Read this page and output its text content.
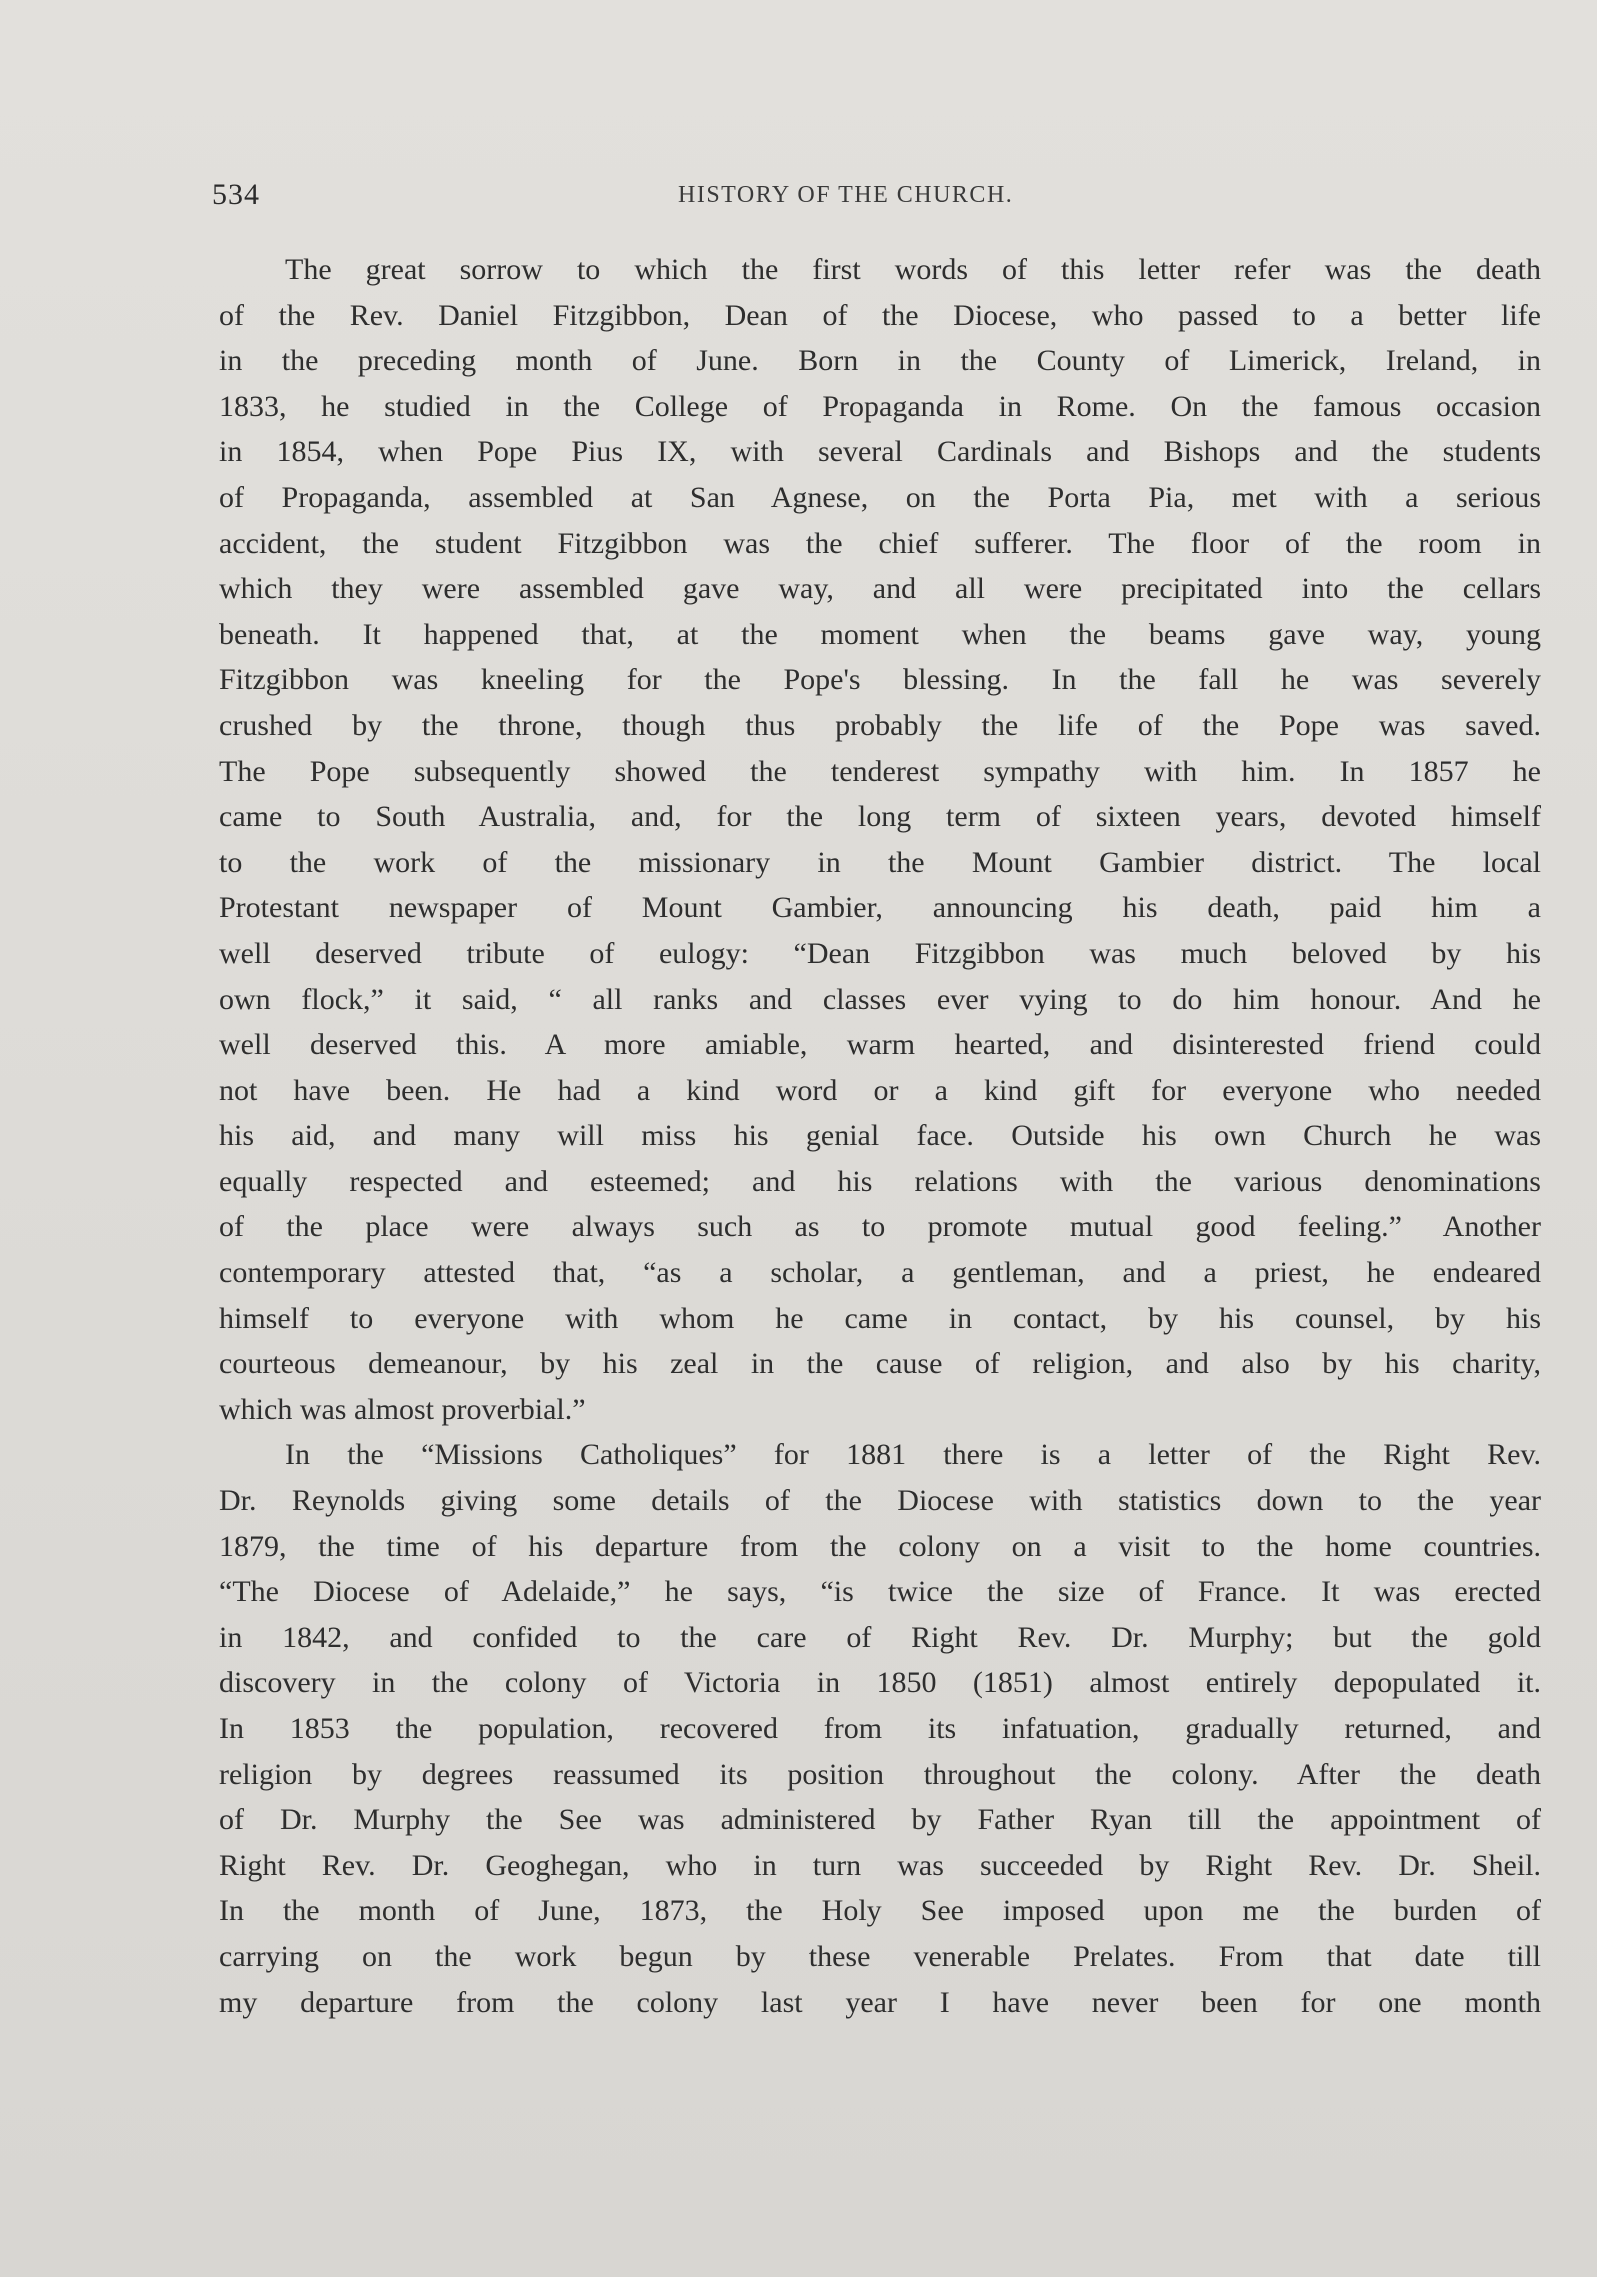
534	HISTORY OF THE CHURCH.
The great sorrow to which the first words of this letter refer was the death
of the Rev. Daniel Fitzgibbon, Dean of the Diocese, who passed to a better life
in the preceding month of June. Born in the County of Limerick, Ireland, in
1833, he studied in the College of Propaganda in Rome. On the famous occasion
in 1854, when Pope Pius IX, with several Cardinals and Bishops and the students
of Propaganda, assembled at San Agnese, on the Porta Pia, met with a serious
accident, the student Fitzgibbon was the chief sufferer. The floor of the room in
which they were assembled gave way, and all were precipitated into the cellars
beneath. It happened that, at the moment when the beams gave way, young
Fitzgibbon was kneeling for the Pope's blessing. In the fall he was severely
crushed by the throne, though thus probably the life of the Pope was saved.
The Pope subsequently showed the tenderest sympathy with him. In 1857 he
came to South Australia, and, for the long term of sixteen years, devoted himself
to the work of the missionary in the Mount Gambier district. The local
Protestant newspaper of Mount Gambier, announcing his death, paid him a
well deserved tribute of eulogy: “Dean Fitzgibbon was much beloved by his
own flock,” it said, “ all ranks and classes ever vying to do him honour. And he
well deserved this. A more amiable, warm hearted, and disinterested friend could
not have been. He had a kind word or a kind gift for everyone who needed
his aid, and many will miss his genial face. Outside his own Church he was
equally respected and esteemed; and his relations with the various denominations
of the place were always such as to promote mutual good feeling.” Another
contemporary attested that, “as a scholar, a gentleman, and a priest, he endeared
himself to everyone with whom he came in contact, by his counsel, by his
courteous demeanour, by his zeal in the cause of religion, and also by his charity,
which was almost proverbial.”
In the “Missions Catholiques” for 1881 there is a letter of the Right Rev.
Dr. Reynolds giving some details of the Diocese with statistics down to the year
1879, the time of his departure from the colony on a visit to the home countries.
“The Diocese of Adelaide,” he says, “is twice the size of France. It was erected
in 1842, and confided to the care of Right Rev. Dr. Murphy; but the gold
discovery in the colony of Victoria in 1850 (1851) almost entirely depopulated it.
In 1853 the population, recovered from its infatuation, gradually returned, and
religion by degrees reassumed its position throughout the colony. After the death
of Dr. Murphy the See was administered by Father Ryan till the appointment of
Right Rev. Dr. Geoghegan, who in turn was succeeded by Right Rev. Dr. Sheil.
In the month of June, 1873, the Holy See imposed upon me the burden of
carrying on the work begun by these venerable Prelates. From that date till
my departure from the colony last year I have never been for one month
